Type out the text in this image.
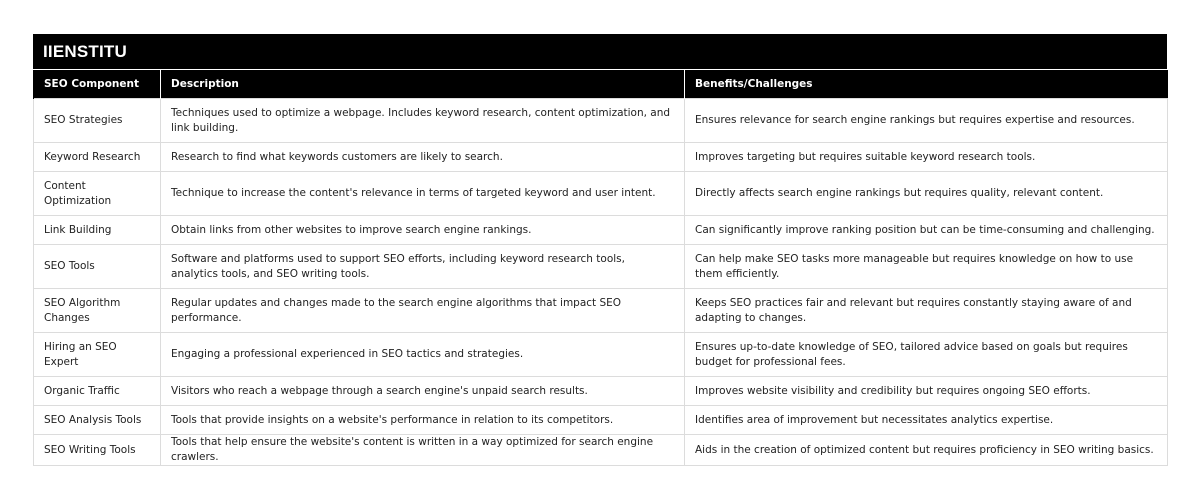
IIENSTITU
SEO Component	Description	Benefits/Challenges
SEO Strategies	Techniques used to optimize a webpage. Includes keyword research, content optimization, and link building.	Ensures relevance for search engine rankings but requires expertise and resources.
Keyword Research	Research to find what keywords customers are likely to search.	Improves targeting but requires suitable keyword research tools.
Content Optimization	Technique to increase the content's relevance in terms of targeted keyword and user intent.	Directly affects search engine rankings but requires quality, relevant content.
Link Building	Obtain links from other websites to improve search engine rankings.	Can significantly improve ranking position but can be time-consuming and challenging.
SEO Tools	Software and platforms used to support SEO efforts, including keyword research tools, analytics tools, and SEO writing tools.	Can help make SEO tasks more manageable but requires knowledge on how to use them efficiently.
SEO Algorithm Changes	Regular updates and changes made to the search engine algorithms that impact SEO performance.	Keeps SEO practices fair and relevant but requires constantly staying aware of and adapting to changes.
Hiring an SEO Expert	Engaging a professional experienced in SEO tactics and strategies.	Ensures up-to-date knowledge of SEO, tailored advice based on goals but requires budget for professional fees.
Organic Traffic	Visitors who reach a webpage through a search engine's unpaid search results.	Improves website visibility and credibility but requires ongoing SEO efforts.
SEO Analysis Tools	Tools that provide insights on a website's performance in relation to its competitors.	Identifies area of improvement but necessitates analytics expertise.
SEO Writing Tools	Tools that help ensure the website's content is written in a way optimized for search engine crawlers.	Aids in the creation of optimized content but requires proficiency in SEO writing basics.
